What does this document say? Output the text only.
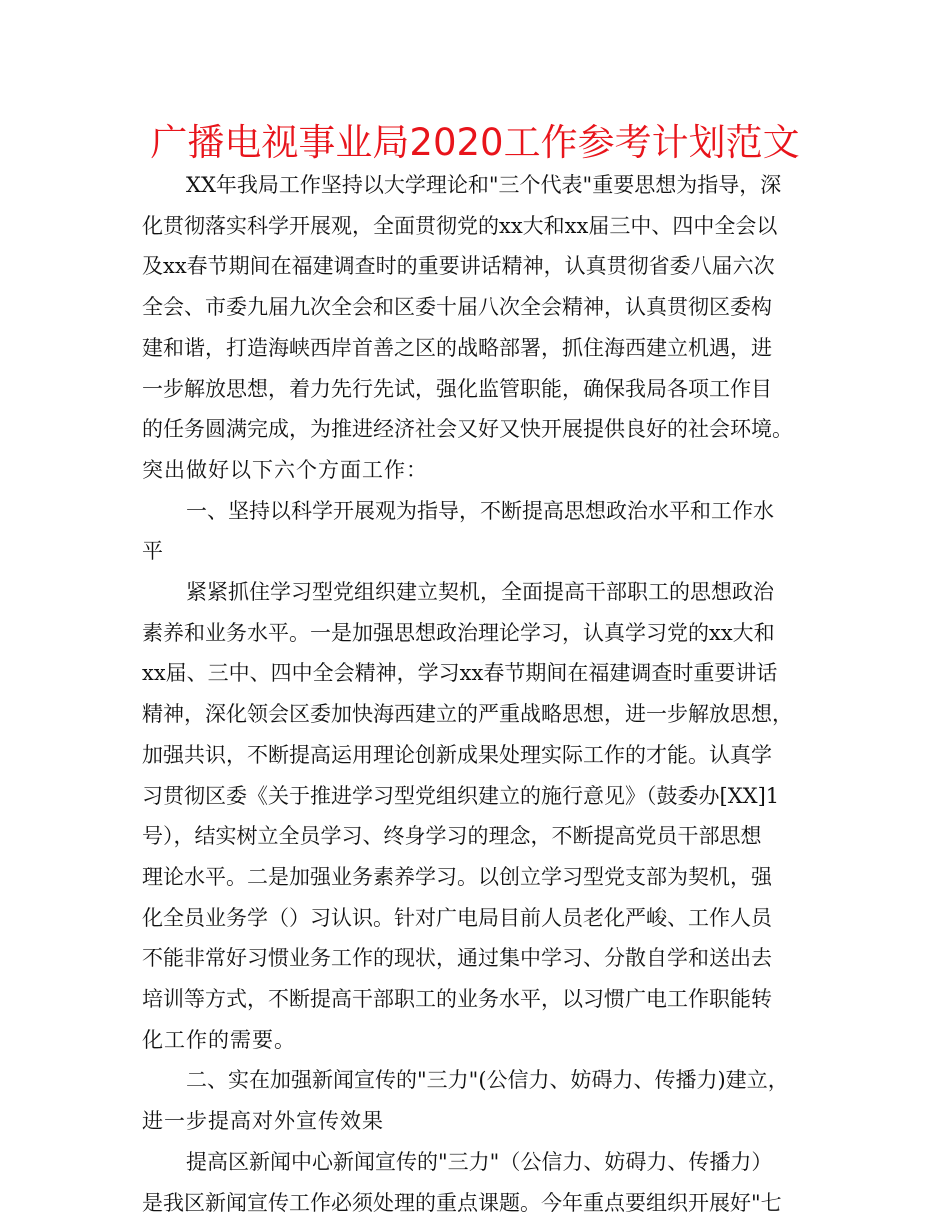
广播电视事业局2020工作参考计划范文
XX年我局工作坚持以大学理论和"三个代表"重要思想为指导，深
化贯彻落实科学开展观，全面贯彻党的xx大和xx届三中、四中全会以
及xx春节期间在福建调查时的重要讲话精神，认真贯彻省委八届六次
全会、市委九届九次全会和区委十届八次全会精神，认真贯彻区委构
建和谐，打造海峡西岸首善之区的战略部署，抓住海西建立机遇，进
一步解放思想，着力先行先试，强化监管职能，确保我局各项工作目
的任务圆满完成，为推进经济社会又好又快开展提供良好的社会环境。
突出做好以下六个方面工作：
一、坚持以科学开展观为指导，不断提高思想政治水平和工作水
平
紧紧抓住学习型党组织建立契机，全面提高干部职工的思想政治
素养和业务水平。一是加强思想政治理论学习，认真学习党的xx大和
xx届、三中、四中全会精神，学习xx春节期间在福建调查时重要讲话
精神，深化领会区委加快海西建立的严重战略思想，进一步解放思想，
加强共识，不断提高运用理论创新成果处理实际工作的才能。认真学
习贯彻区委《关于推进学习型党组织建立的施行意见》（鼓委办[XX]1
号），结实树立全员学习、终身学习的理念，不断提高党员干部思想
理论水平。二是加强业务素养学习。以创立学习型党支部为契机，强
化全员业务学（）习认识。针对广电局目前人员老化严峻、工作人员
不能非常好习惯业务工作的现状，通过集中学习、分散自学和送出去
培训等方式，不断提高干部职工的业务水平，以习惯广电工作职能转
化工作的需要。
二、实在加强新闻宣传的"三力"(公信力、妨碍力、传播力)建立，
进一步提高对外宣传效果
提高区新闻中心新闻宣传的"三力"（公信力、妨碍力、传播力）
是我区新闻宣传工作必须处理的重点课题。今年重点要组织开展好"七
